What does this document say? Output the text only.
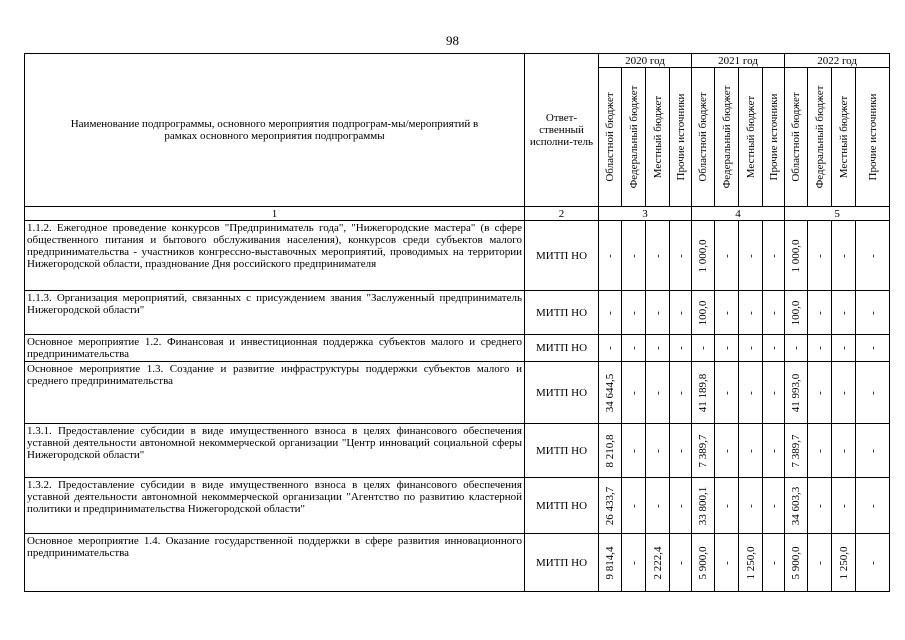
98
Наименование подпрограммы, основного мероприятия подпрограм-мы/мероприятий в рамках основного мероприятия подпрограммы	Ответ-ственный исполни-тель	2020 год				2021 год				2022 год			

		Областной бюджет	Федеральный бюджет	Местный бюджет	Прочие источники	Областной бюджет	Федеральный бюджет	Местный бюджет	Прочие источники	Областной бюджет	Федеральный бюджет	Местный бюджет	Прочие источники

1	2	3				4				5			
1.1.2. Ежегодное проведение конкурсов "Предприниматель года", "Нижегородские мастера" (в сфере общественного питания и бытового обслуживания населения), конкурсов среди субъектов малого предпринимательства - участников конгрессно-выставочных мероприятий, проводимых на территории Нижегородской области, празднование Дня российского предпринимателя	МИТП НО	-	-	-	-	1 000,0	-	-	-	1 000,0	-	-	-

1.1.3. Организация мероприятий, связанных с присуждением звания "Заслуженный предприниматель Нижегородской области"	МИТП НО	-	-	-	-	100,0	-	-	-	100,0	-	-	-

Основное мероприятие 1.2. Финансовая и инвестиционная поддержка субъектов малого и среднего предпринимательства	МИТП НО	-	-	-	-	-	-	-	-	-	-	-	-

Основное мероприятие 1.3. Создание и развитие инфраструктуры поддержки субъектов малого и среднего предпринимательства	МИТП НО	34 644,5	-	-	-	41 189,8	-	-	-	41 993,0	-	-	-

1.3.1. Предоставление субсидии в виде имущественного взноса в целях финансового обеспечения уставной деятельности автономной некоммерческой организации "Центр инноваций социальной сферы Нижегородской области"	МИТП НО	8 210,8	-	-	-	7 389,7	-	-	-	7 389,7	-	-	-

1.3.2. Предоставление субсидии в виде имущественного взноса в целях финансового обеспечения уставной деятельности автономной некоммерческой организации "Агентство по развитию кластерной политики и предпринимательства Нижегородской области"	МИТП НО	26 433,7	-	-	-	33 800,1	-	-	-	34 603,3	-	-	-

Основное мероприятие 1.4. Оказание государственной поддержки в сфере развития инновационного предпринимательства	МИТП НО	9 814,4	-	2 222,4	-	5 900,0	-	1 250,0	-	5 900,0	-	1 250,0	-
